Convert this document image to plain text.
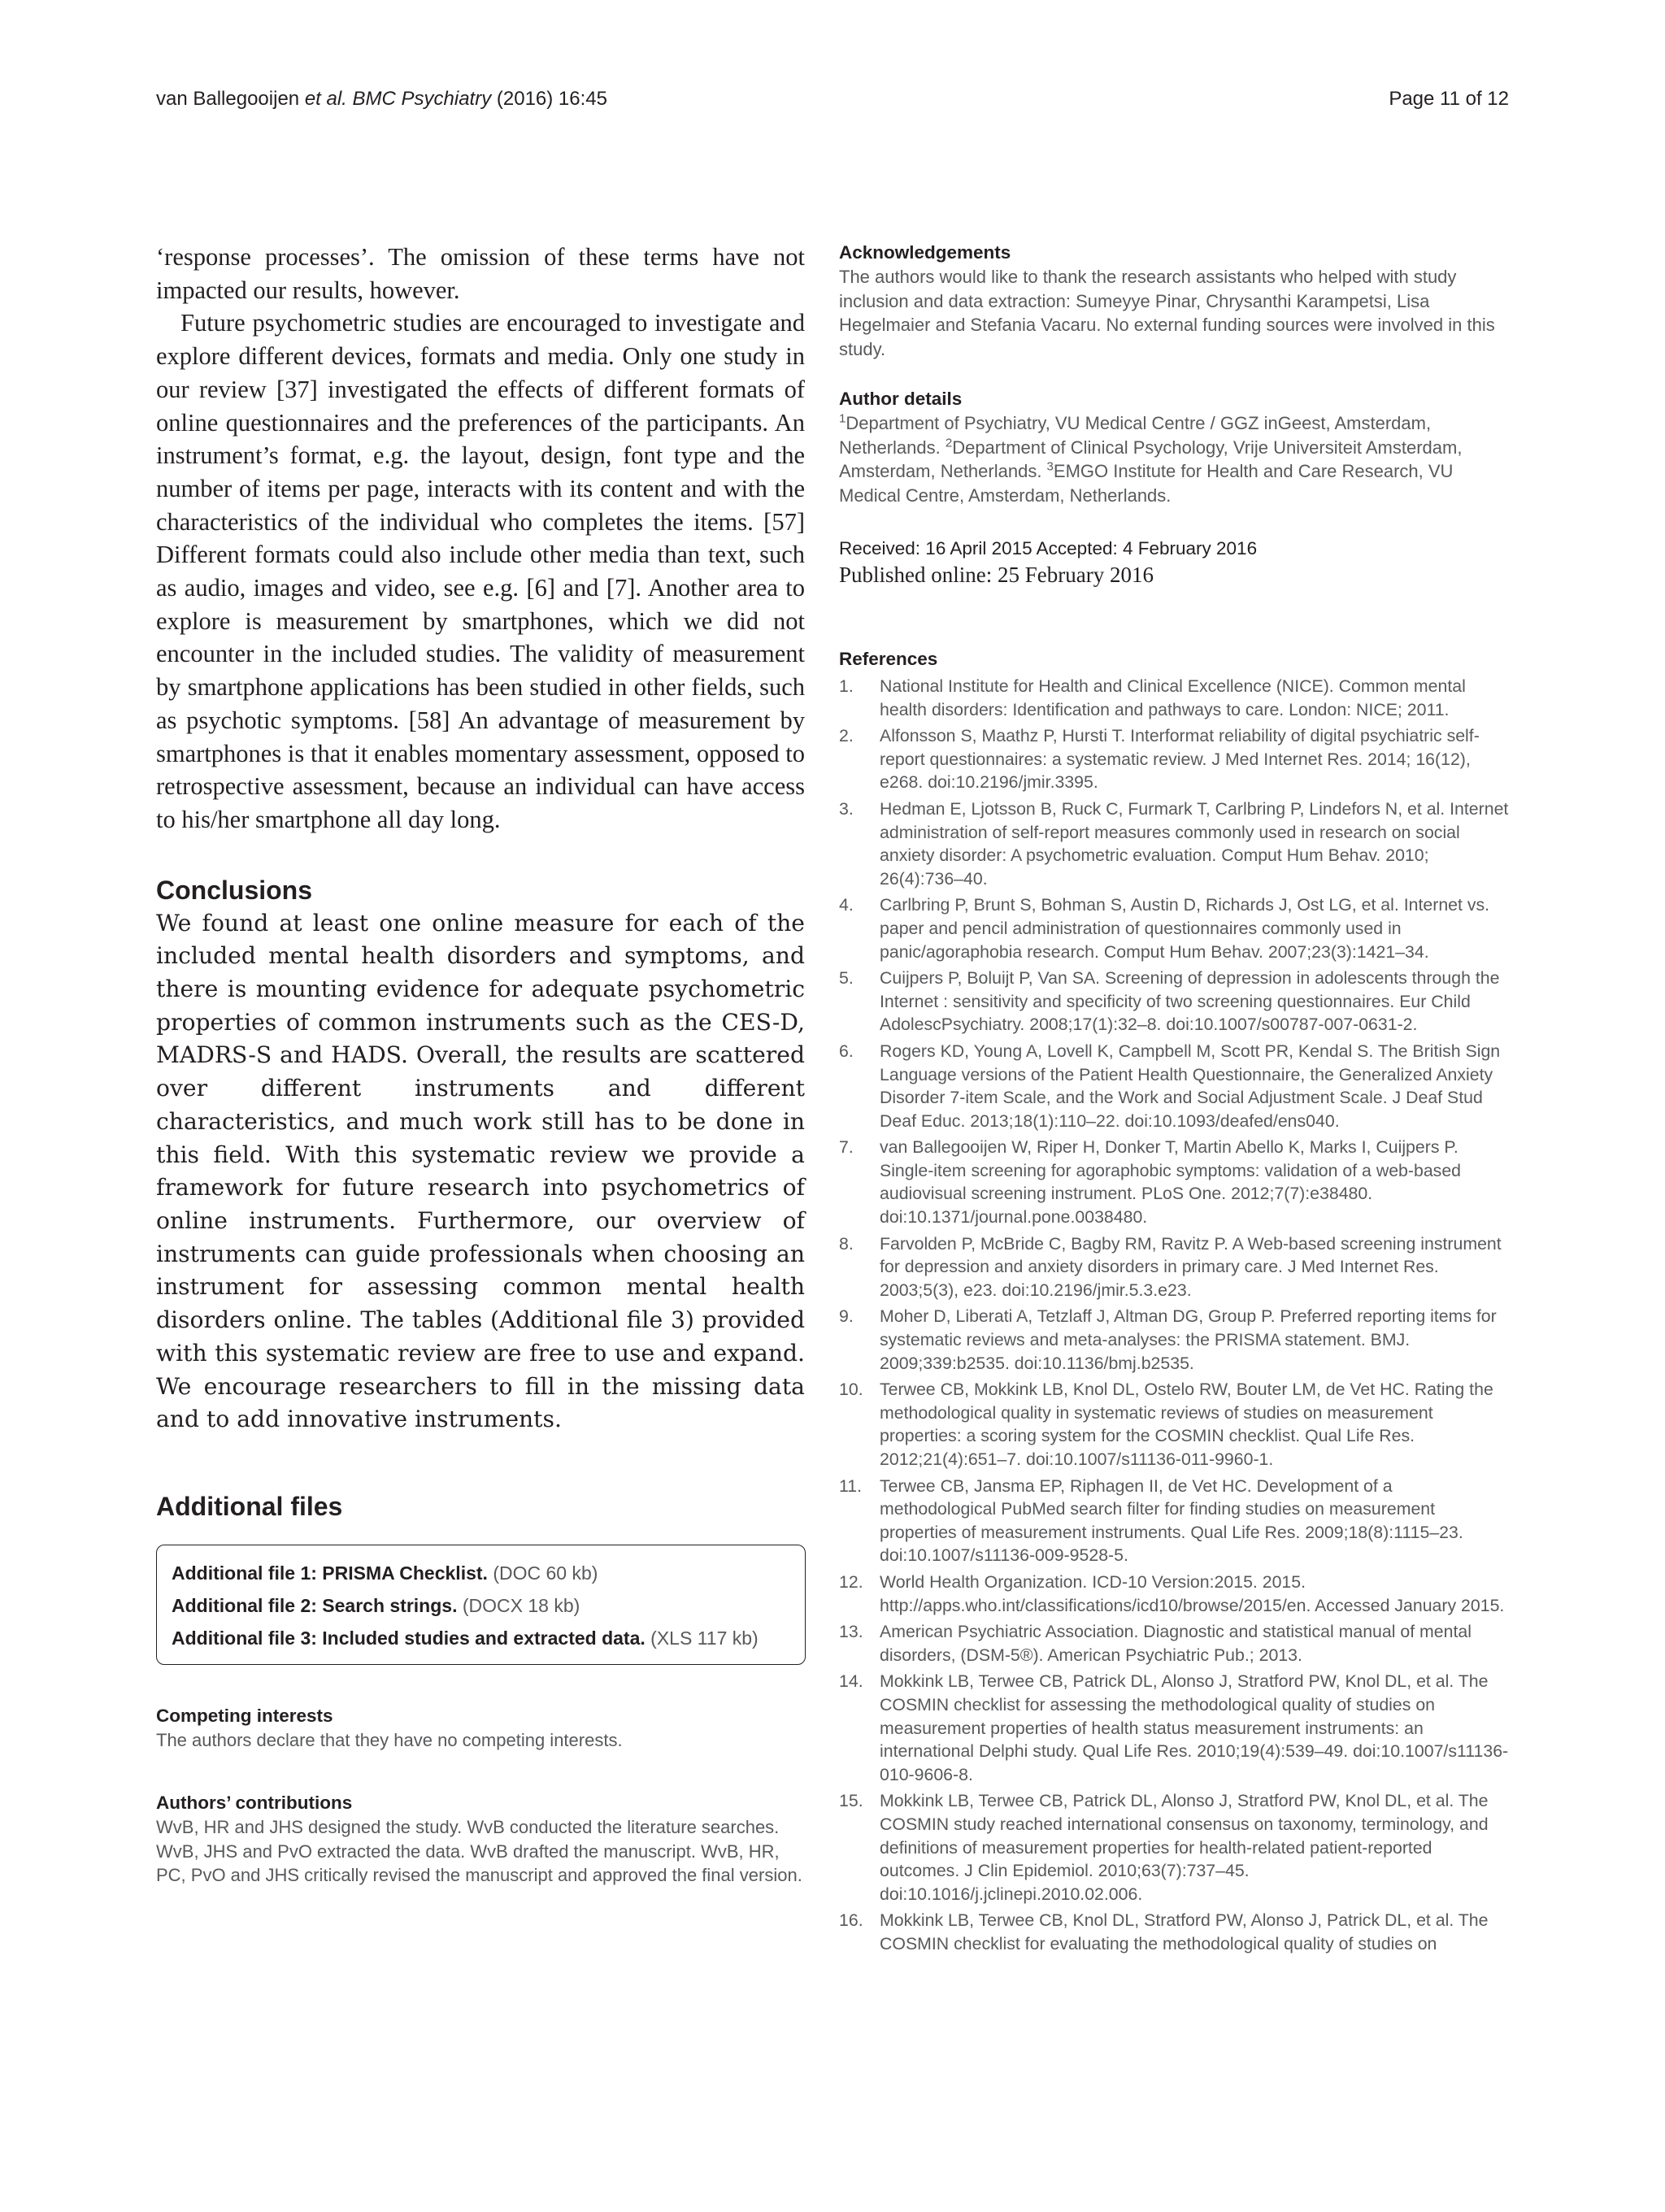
van Ballegooijen et al. BMC Psychiatry (2016) 16:45	Page 11 of 12

‘response processes’. The omission of these terms have not impacted our results, however.

Future psychometric studies are encouraged to investigate and explore different devices, formats and media. Only one study in our review [37] investigated the effects of different formats of online questionnaires and the preferences of the participants. An instrument’s format, e.g. the layout, design, font type and the number of items per page, interacts with its content and with the characteristics of the individual who completes the items. [57] Different formats could also include other media than text, such as audio, images and video, see e.g. [6] and [7]. Another area to explore is measurement by smartphones, which we did not encounter in the included studies. The validity of measurement by smartphone applications has been studied in other fields, such as psychotic symptoms. [58] An advantage of measurement by smartphones is that it enables momentary assessment, opposed to retrospective assessment, because an individual can have access to his/her smartphone all day long.

Conclusions

We found at least one online measure for each of the included mental health disorders and symptoms, and there is mounting evidence for adequate psychometric properties of common instruments such as the CES-D, MADRS-S and HADS. Overall, the results are scattered over different instruments and different characteristics, and much work still has to be done in this field. With this systematic review we provide a framework for future research into psychometrics of online instruments. Furthermore, our overview of instruments can guide professionals when choosing an instrument for assessing common mental health disorders online. The tables (Additional file 3) provided with this systematic review are free to use and expand. We encourage researchers to fill in the missing data and to add innovative instruments.

Additional files
Additional file 1: PRISMA Checklist. (DOC 60 kb)
Additional file 2: Search strings. (DOCX 18 kb)
Additional file 3: Included studies and extracted data. (XLS 117 kb)
Competing interests

The authors declare that they have no competing interests.

Authors’ contributions

WvB, HR and JHS designed the study. WvB conducted the literature searches. WvB, JHS and PvO extracted the data. WvB drafted the manuscript. WvB, HR, PC, PvO and JHS critically revised the manuscript and approved the final version.

Acknowledgements

The authors would like to thank the research assistants who helped with study inclusion and data extraction: Sumeyye Pinar, Chrysanthi Karampetsi, Lisa Hegelmaier and Stefania Vacaru. No external funding sources were involved in this study.

Author details

$^1$Department of Psychiatry, VU Medical Centre / GGZ inGeest, Amsterdam, Netherlands. $^2$Department of Clinical Psychology, Vrije Universiteit Amsterdam, Amsterdam, Netherlands. $^3$EMGO Institute for Health and Care Research, VU Medical Centre, Amsterdam, Netherlands.

Received: 16 April 2015 Accepted: 4 February 2016

Published online: 25 February 2016

References
1. National Institute for Health and Clinical Excellence (NICE). Common mental health disorders: Identification and pathways to care. London: NICE; 2011.
2. Alfonsson S, Maathz P, Hursti T. Interformat reliability of digital psychiatric self-report questionnaires: a systematic review. J Med Internet Res. 2014; 16(12), e268. doi:10.2196/jmir.3395.
3. Hedman E, Ljotsson B, Ruck C, Furmark T, Carlbring P, Lindefors N, et al. Internet administration of self-report measures commonly used in research on social anxiety disorder: A psychometric evaluation. Comput Hum Behav. 2010; 26(4):736–40.
4. Carlbring P, Brunt S, Bohman S, Austin D, Richards J, Ost LG, et al. Internet vs. paper and pencil administration of questionnaires commonly used in panic/agoraphobia research. Comput Hum Behav. 2007;23(3):1421–34.
5. Cuijpers P, Boluijt P, Van SA. Screening of depression in adolescents through the Internet : sensitivity and specificity of two screening questionnaires. Eur Child AdolescPsychiatry. 2008;17(1):32–8. doi:10.1007/s00787-007-0631-2.
6. Rogers KD, Young A, Lovell K, Campbell M, Scott PR, Kendal S. The British Sign Language versions of the Patient Health Questionnaire, the Generalized Anxiety Disorder 7-item Scale, and the Work and Social Adjustment Scale. J Deaf Stud Deaf Educ. 2013;18(1):110–22. doi:10.1093/deafed/ens040.
7. van Ballegooijen W, Riper H, Donker T, Martin Abello K, Marks I, Cuijpers P. Single-item screening for agoraphobic symptoms: validation of a web-based audiovisual screening instrument. PLoS One. 2012;7(7):e38480. doi:10.1371/journal.pone.0038480.
8. Farvolden P, McBride C, Bagby RM, Ravitz P. A Web-based screening instrument for depression and anxiety disorders in primary care. J Med Internet Res. 2003;5(3), e23. doi:10.2196/jmir.5.3.e23.
9. Moher D, Liberati A, Tetzlaff J, Altman DG, Group P. Preferred reporting items for systematic reviews and meta-analyses: the PRISMA statement. BMJ. 2009;339:b2535. doi:10.1136/bmj.b2535.
10. Terwee CB, Mokkink LB, Knol DL, Ostelo RW, Bouter LM, de Vet HC. Rating the methodological quality in systematic reviews of studies on measurement properties: a scoring system for the COSMIN checklist. Qual Life Res. 2012;21(4):651–7. doi:10.1007/s11136-011-9960-1.
11. Terwee CB, Jansma EP, Riphagen II, de Vet HC. Development of a methodological PubMed search filter for finding studies on measurement properties of measurement instruments. Qual Life Res. 2009;18(8):1115–23. doi:10.1007/s11136-009-9528-5.
12. World Health Organization. ICD-10 Version:2015. 2015. http://apps.who.int/classifications/icd10/browse/2015/en. Accessed January 2015.
13. American Psychiatric Association. Diagnostic and statistical manual of mental disorders, (DSM-5®). American Psychiatric Pub.; 2013.
14. Mokkink LB, Terwee CB, Patrick DL, Alonso J, Stratford PW, Knol DL, et al. The COSMIN checklist for assessing the methodological quality of studies on measurement properties of health status measurement instruments: an international Delphi study. Qual Life Res. 2010;19(4):539–49. doi:10.1007/s11136-010-9606-8.
15. Mokkink LB, Terwee CB, Patrick DL, Alonso J, Stratford PW, Knol DL, et al. The COSMIN study reached international consensus on taxonomy, terminology, and definitions of measurement properties for health-related patient-reported outcomes. J Clin Epidemiol. 2010;63(7):737–45. doi:10.1016/j.jclinepi.2010.02.006.
16. Mokkink LB, Terwee CB, Knol DL, Stratford PW, Alonso J, Patrick DL, et al. The COSMIN checklist for evaluating the methodological quality of studies on
